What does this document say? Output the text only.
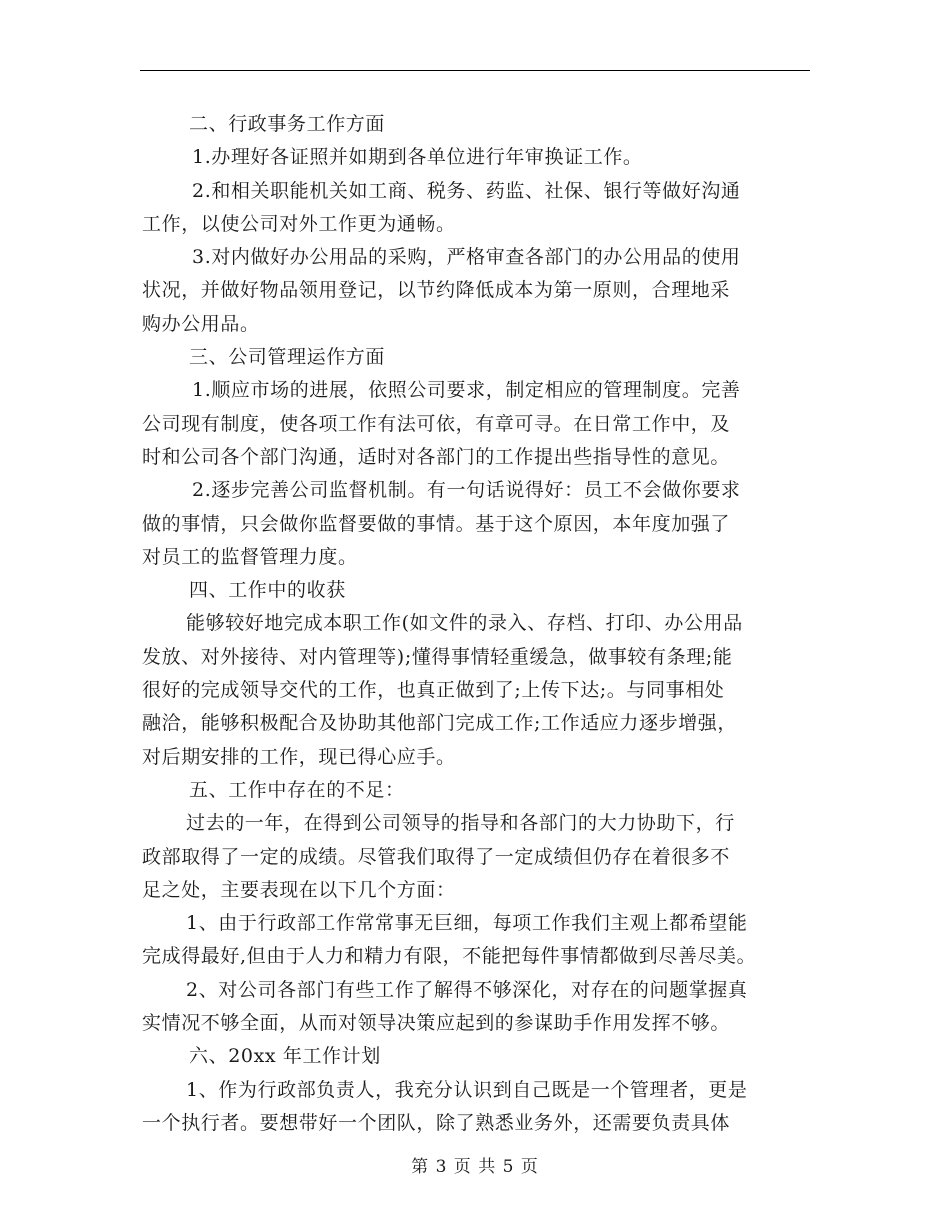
二、行政事务工作方面
1.办理好各证照并如期到各单位进行年审换证工作。
2.和相关职能机关如工商、税务、药监、社保、银行等做好沟通
工作，以使公司对外工作更为通畅。
3.对内做好办公用品的采购，严格审查各部门的办公用品的使用
状况，并做好物品领用登记，以节约降低成本为第一原则，合理地采
购办公用品。
三、公司管理运作方面
1.顺应市场的进展，依照公司要求，制定相应的管理制度。完善
公司现有制度，使各项工作有法可依，有章可寻。在日常工作中，及
时和公司各个部门沟通，适时对各部门的工作提出些指导性的意见。
2.逐步完善公司监督机制。有一句话说得好：员工不会做你要求
做的事情，只会做你监督要做的事情。基于这个原因，本年度加强了
对员工的监督管理力度。
四、工作中的收获
能够较好地完成本职工作(如文件的录入、存档、打印、办公用品
发放、对外接待、对内管理等);懂得事情轻重缓急，做事较有条理;能
很好的完成领导交代的工作，也真正做到了;上传下达;。与同事相处
融洽，能够积极配合及协助其他部门完成工作;工作适应力逐步增强，
对后期安排的工作，现已得心应手。
五、工作中存在的不足：
过去的一年，在得到公司领导的指导和各部门的大力协助下，行
政部取得了一定的成绩。尽管我们取得了一定成绩但仍存在着很多不
足之处，主要表现在以下几个方面：
1、由于行政部工作常常事无巨细，每项工作我们主观上都希望能
完成得最好,但由于人力和精力有限，不能把每件事情都做到尽善尽美。
2、对公司各部门有些工作了解得不够深化，对存在的问题掌握真
实情况不够全面，从而对领导决策应起到的参谋助手作用发挥不够。
六、20xx 年工作计划
1、作为行政部负责人，我充分认识到自己既是一个管理者，更是
一个执行者。要想带好一个团队，除了熟悉业务外，还需要负责具体
第 3 页 共 5 页
